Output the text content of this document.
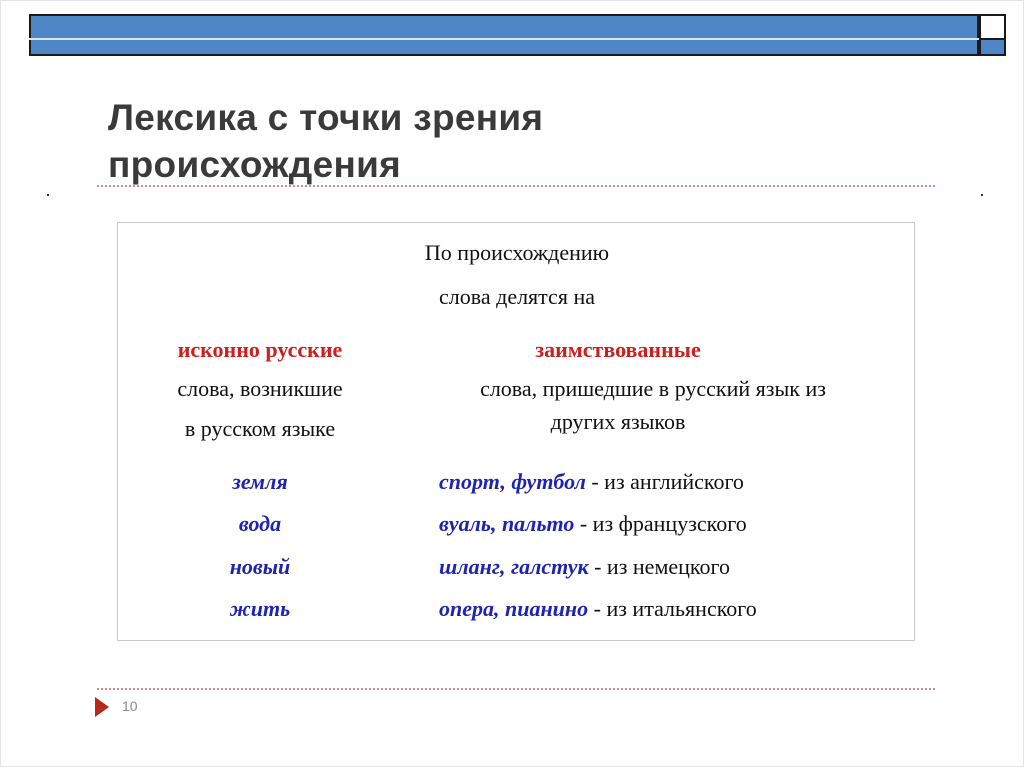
Лексика с точки зрения
происхождения
По происхождению
слова делятся на
исконно русские
слова, возникшие
в русском языке
земля
вода
новый
жить
заимствованные
слова, пришедшие в русский язык из
других языков
спорт, футбол - из английского
вуаль, пальто - из французского
шланг, галстук - из немецкого
опера, пианино - из итальянского
10
